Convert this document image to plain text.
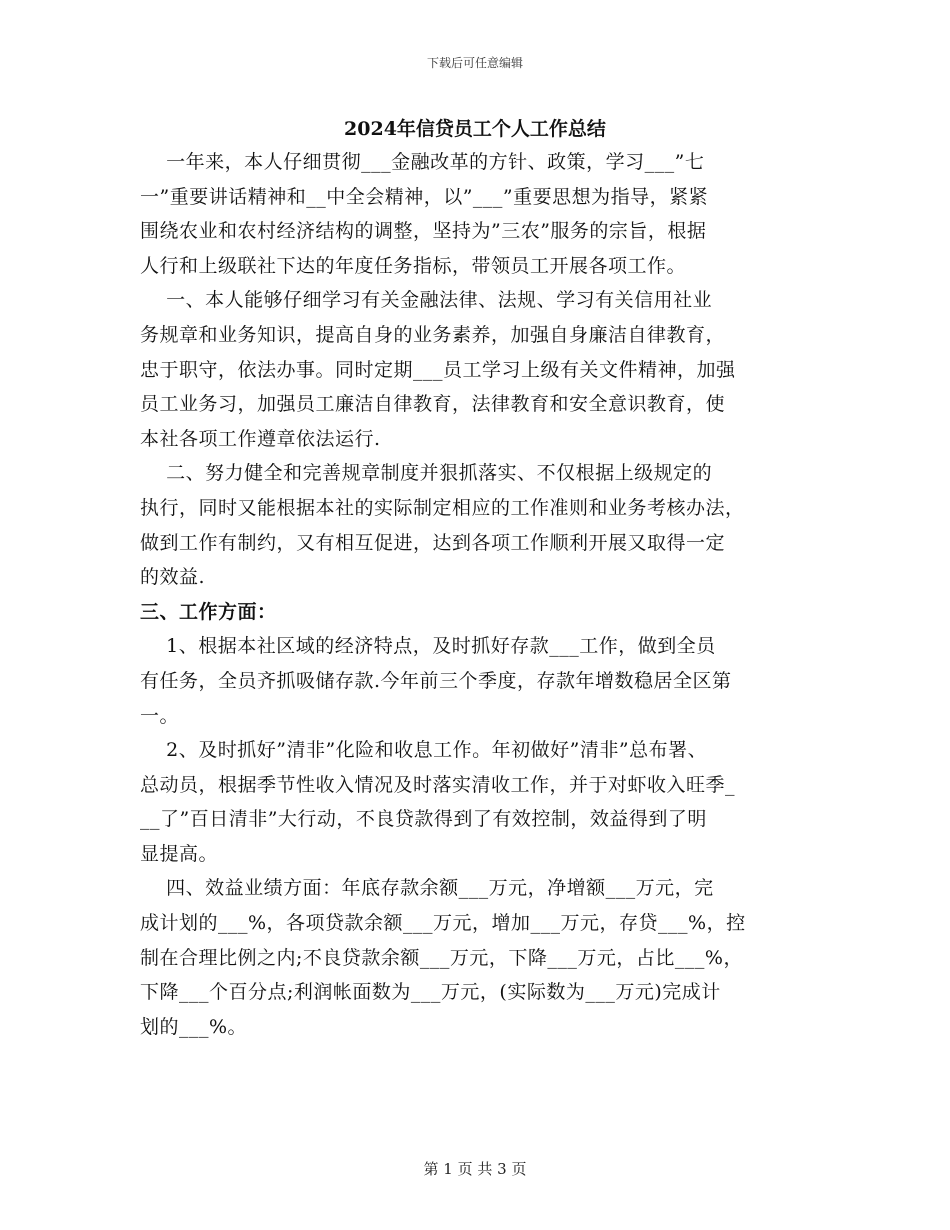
下载后可任意编辑
2024年信贷员工个人工作总结
一年来，本人仔细贯彻___金融改革的方针、政策，学习___”七
一”重要讲话精神和__中全会精神，以”___”重要思想为指导，紧紧
围绕农业和农村经济结构的调整，坚持为”三农”服务的宗旨，根据
人行和上级联社下达的年度任务指标，带领员工开展各项工作。
一、本人能够仔细学习有关金融法律、法规、学习有关信用社业
务规章和业务知识，提高自身的业务素养，加强自身廉洁自律教育，
忠于职守，依法办事。同时定期___员工学习上级有关文件精神，加强
员工业务习，加强员工廉洁自律教育，法律教育和安全意识教育，使
本社各项工作遵章依法运行.
二、努力健全和完善规章制度并狠抓落实、不仅根据上级规定的
执行，同时又能根据本社的实际制定相应的工作准则和业务考核办法，
做到工作有制约，又有相互促进，达到各项工作顺利开展又取得一定
的效益.
三、工作方面：
1、根据本社区域的经济特点，及时抓好存款___工作，做到全员
有任务，全员齐抓吸储存款.今年前三个季度，存款年增数稳居全区第
一。
2、及时抓好”清非”化险和收息工作。年初做好”清非”总布署、
总动员，根据季节性收入情况及时落实清收工作，并于对虾收入旺季_
__了”百日清非”大行动，不良贷款得到了有效控制，效益得到了明
显提高。
四、效益业绩方面：年底存款余额___万元，净增额___万元，完
成计划的___%，各项贷款余额___万元，增加___万元，存贷___%，控
制在合理比例之内;不良贷款余额___万元，下降___万元，占比___%，
下降___个百分点;利润帐面数为___万元，(实际数为___万元)完成计
划的___%。
第 1 页 共 3 页
